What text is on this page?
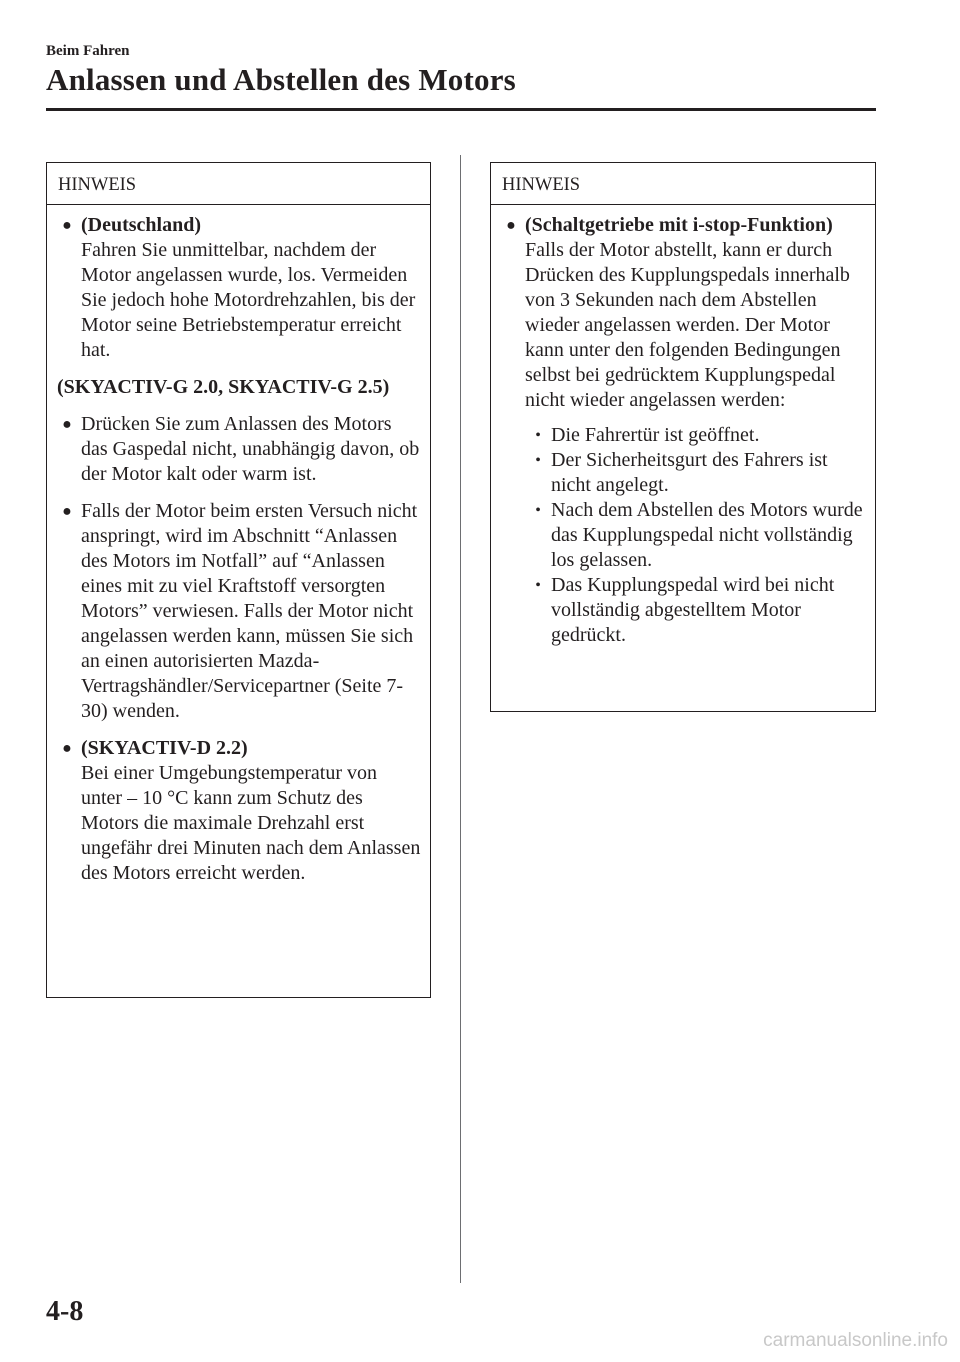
Beim Fahren
Anlassen und Abstellen des Motors
HINWEIS
● (Deutschland)
Fahren Sie unmittelbar, nachdem der Motor angelassen wurde, los. Vermeiden Sie jedoch hohe Motordrehzahlen, bis der Motor seine Betriebstemperatur erreicht hat.
(SKYACTIV-G 2.0, SKYACTIV-G 2.5)
● Drücken Sie zum Anlassen des Motors das Gaspedal nicht, unabhängig davon, ob der Motor kalt oder warm ist.
● Falls der Motor beim ersten Versuch nicht anspringt, wird im Abschnitt “Anlassen des Motors im Notfall” auf “Anlassen eines mit zu viel Kraftstoff versorgten Motors” verwiesen. Falls der Motor nicht angelassen werden kann, müssen Sie sich an einen autorisierten Mazda-Vertragshändler/Servicepartner (Seite 7-30) wenden.
● (SKYACTIV-D 2.2)
Bei einer Umgebungstemperatur von unter – 10 °C kann zum Schutz des Motors die maximale Drehzahl erst ungefähr drei Minuten nach dem Anlassen des Motors erreicht werden.
HINWEIS
● (Schaltgetriebe mit i-stop-Funktion)
Falls der Motor abstellt, kann er durch Drücken des Kupplungspedals innerhalb von 3 Sekunden nach dem Abstellen wieder angelassen werden. Der Motor kann unter den folgenden Bedingungen selbst bei gedrücktem Kupplungspedal nicht wieder angelassen werden:
• Die Fahrertür ist geöffnet.
• Der Sicherheitsgurt des Fahrers ist nicht angelegt.
• Nach dem Abstellen des Motors wurde das Kupplungspedal nicht vollständig los gelassen.
• Das Kupplungspedal wird bei nicht vollständig abgestelltem Motor gedrückt.
4-8
carmanualsonline.info
